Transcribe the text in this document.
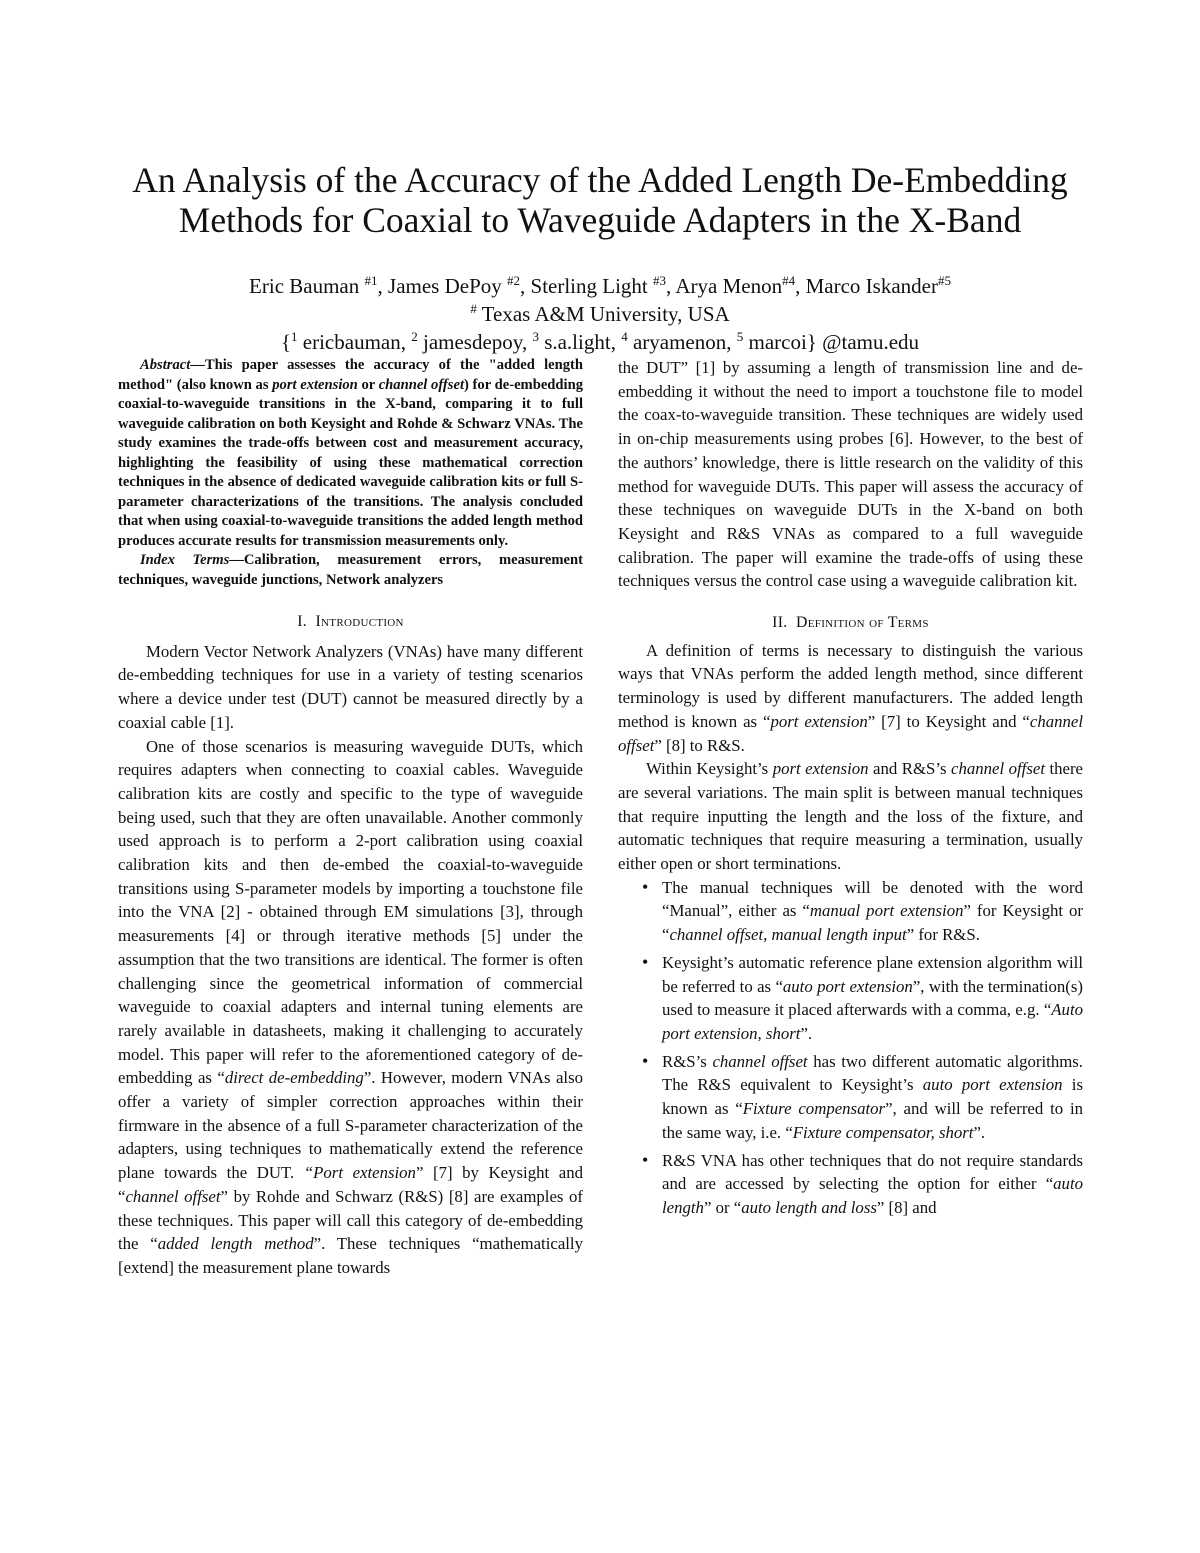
An Analysis of the Accuracy of the Added Length De-Embedding
Methods for Coaxial to Waveguide Adapters in the X-Band
Eric Bauman $^{\#1}$, James DePoy $^{\#2}$, Sterling Light $^{\#3}$, Arya Menon$^{\#4}$, Marco Iskander$^{\#5}$
# Texas A&M University, USA
{$^1$ ericbauman, $^2$ jamesdepoy, $^3$ s.a.light, $^4$ aryamenon, $^5$ marcoi} @tamu.edu

Abstract—This paper assesses the accuracy of the "added length method" (also known as port extension or channel offset) for de-embedding coaxial-to-waveguide transitions in the X-band, comparing it to full waveguide calibration on both Keysight and Rohde & Schwarz VNAs. The study examines the trade-offs between cost and measurement accuracy, highlighting the feasibility of using these mathematical correction techniques in the absence of dedicated waveguide calibration kits or full S-parameter characterizations of the transitions. The analysis concluded that when using coaxial-to-waveguide transitions the added length method produces accurate results for transmission measurements only.

Index Terms—Calibration, measurement errors, measurement techniques, waveguide junctions, Network analyzers

I. Introduction

Modern Vector Network Analyzers (VNAs) have many different de-embedding techniques for use in a variety of testing scenarios where a device under test (DUT) cannot be measured directly by a coaxial cable [1].

One of those scenarios is measuring waveguide DUTs, which requires adapters when connecting to coaxial cables. Waveguide calibration kits are costly and specific to the type of waveguide being used, such that they are often unavailable. Another commonly used approach is to perform a 2-port calibration using coaxial calibration kits and then de-embed the coaxial-to-waveguide transitions using S-parameter models by importing a touchstone file into the VNA [2] - obtained through EM simulations [3], through measurements [4] or through iterative methods [5] under the assumption that the two transitions are identical. The former is often challenging since the geometrical information of commercial waveguide to coaxial adapters and internal tuning elements are rarely available in datasheets, making it challenging to accurately model. This paper will refer to the aforementioned category of de-embedding as “direct de-embedding”. However, modern VNAs also offer a variety of simpler correction approaches within their firmware in the absence of a full S-parameter characterization of the adapters, using techniques to mathematically extend the reference plane towards the DUT. “Port extension” [7] by Keysight and “channel offset” by Rohde and Schwarz (R&S) [8] are examples of these techniques. This paper will call this category of de-embedding the “added length method”. These techniques “mathematically [extend] the measurement plane towards

the DUT” [1] by assuming a length of transmission line and de-embedding it without the need to import a touchstone file to model the coax-to-waveguide transition. These techniques are widely used in on-chip measurements using probes [6]. However, to the best of the authors’ knowledge, there is little research on the validity of this method for waveguide DUTs. This paper will assess the accuracy of these techniques on waveguide DUTs in the X-band on both Keysight and R&S VNAs as compared to a full waveguide calibration. The paper will examine the trade-offs of using these techniques versus the control case using a waveguide calibration kit.

II. Definition of Terms

A definition of terms is necessary to distinguish the various ways that VNAs perform the added length method, since different terminology is used by different manufacturers. The added length method is known as “port extension” [7] to Keysight and “channel offset” [8] to R&S.

Within Keysight’s port extension and R&S’s channel offset there are several variations. The main split is between manual techniques that require inputting the length and the loss of the fixture, and automatic techniques that require measuring a termination, usually either open or short terminations.

• The manual techniques will be denoted with the word “Manual”, either as “manual port extension” for Keysight or “channel offset, manual length input” for R&S.
• Keysight’s automatic reference plane extension algorithm will be referred to as “auto port extension”, with the termination(s) used to measure it placed afterwards with a comma, e.g. “Auto port extension, short”.
• R&S’s channel offset has two different automatic algorithms. The R&S equivalent to Keysight’s auto port extension is known as “Fixture compensator”, and will be referred to in the same way, i.e. “Fixture compensator, short”.
• R&S VNA has other techniques that do not require standards and are accessed by selecting the option for either “auto length” or “auto length and loss” [8] and
